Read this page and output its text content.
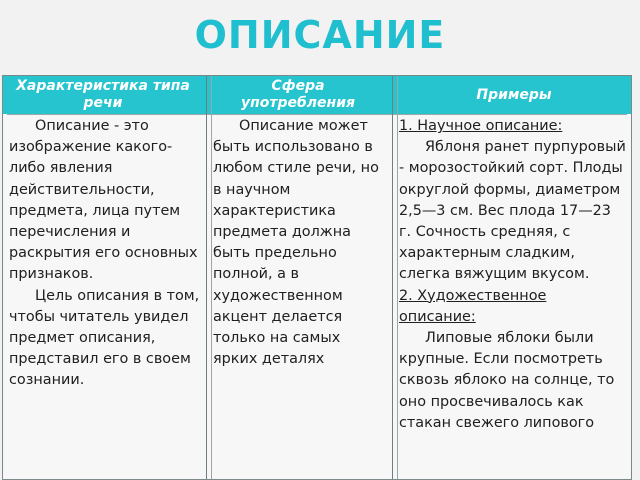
ОПИСАНИЕ
Характеристика типа речи
Сфера употребления	Примеры

Описание - это изображение какого-либо явления действительности, предмета, лица путем перечисления и раскрытия его основных признаков.

Цель описания в том, чтобы читатель увидел предмет описания, представил его в своем сознании.

Описание может быть использовано в любом стиле речи, но в научном характеристика предмета должна быть предельно полной, а в художественном акцент делается только на самых ярких деталях

1. Научное описание:

Яблоня ранет пурпуровый - морозостойкий сорт. Плоды округлой формы, диаметром 2,5—3 см. Вес плода 17—23 г. Сочность средняя, с характерным сладким, слегка вяжущим вкусом.

2. Художественное описание:

Липовые яблоки были крупные. Если посмотреть сквозь яблоко на солнце, то оно просвечивалось как стакан свежего липового
